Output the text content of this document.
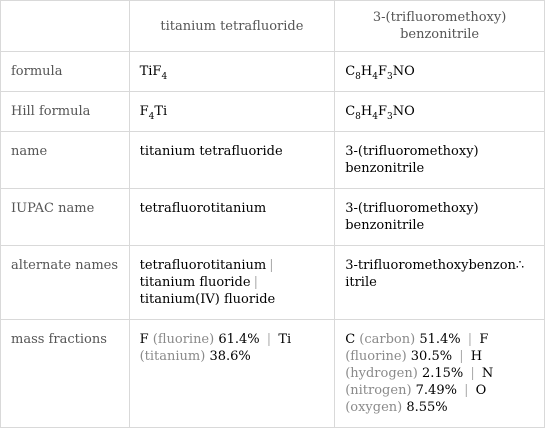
	titanium tetrafluoride	3-(trifluoromethoxy)
benzonitrile
formula	TiF$_4$	$C_8H_4F_3NO$
Hill formula	$F_4Ti$	$C_8H_4F_3NO$
name	titanium tetrafluoride	3-(trifluoromethoxy)
benzonitrile
IUPAC name	tetrafluorotitanium	3-(trifluoromethoxy)
benzonitrile
alternate names	tetrafluorotitanium | titanium fluoride | titanium(IV) fluoride	3-trifluoromethoxybenzon∴
itrile
mass fractions	F (fluorine) 61.4% | Ti (titanium) 38.6%	C (carbon) 51.4% | F (fluorine) 30.5% | H (hydrogen) 2.15% | N (nitrogen) 7.49% | O (oxygen) 8.55%
